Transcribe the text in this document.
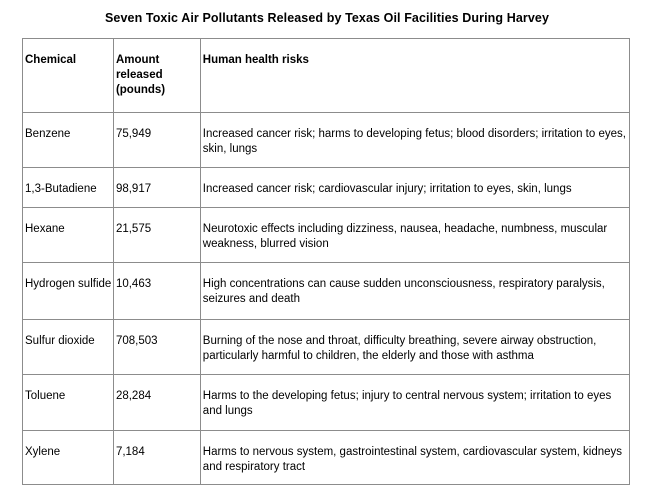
Seven Toxic Air Pollutants Released by Texas Oil Facilities During Harvey
Chemical	Amount released (pounds)	Human health risks
Benzene	75,949	Increased cancer risk; harms to developing fetus; blood disorders; irritation to eyes, skin, lungs
1,3-Butadiene	98,917	Increased cancer risk; cardiovascular injury; irritation to eyes, skin, lungs
Hexane	21,575	Neurotoxic effects including dizziness, nausea, headache, numbness, muscular weakness, blurred vision
Hydrogen sulfide	10,463	High concentrations can cause sudden unconsciousness, respiratory paralysis, seizures and death
Sulfur dioxide	708,503	Burning of the nose and throat, difficulty breathing, severe airway obstruction, particularly harmful to children, the elderly and those with asthma
Toluene	28,284	Harms to the developing fetus; injury to central nervous system; irritation to eyes and lungs
Xylene	7,184	Harms to nervous system, gastrointestinal system, cardiovascular system, kidneys and respiratory tract
